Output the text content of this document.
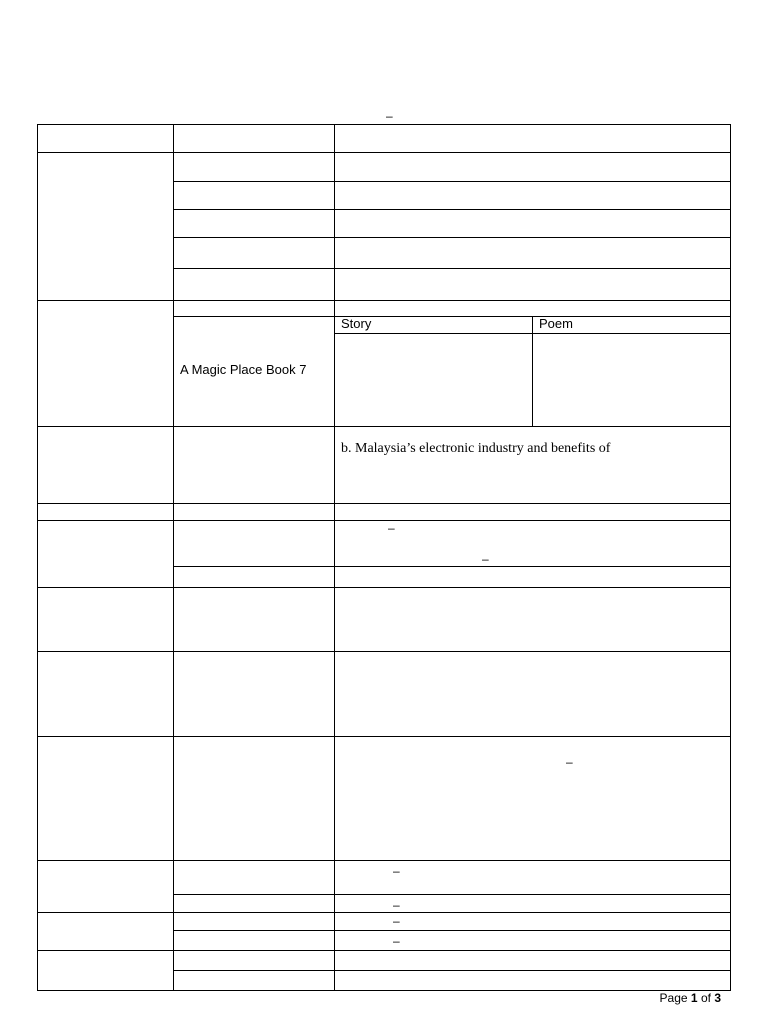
–
Story	Poem
A Magic Place Book 7
b. Malaysia’s electronic industry and benefits of
–
–
–
–
–
–
–
Page 1 of 3
